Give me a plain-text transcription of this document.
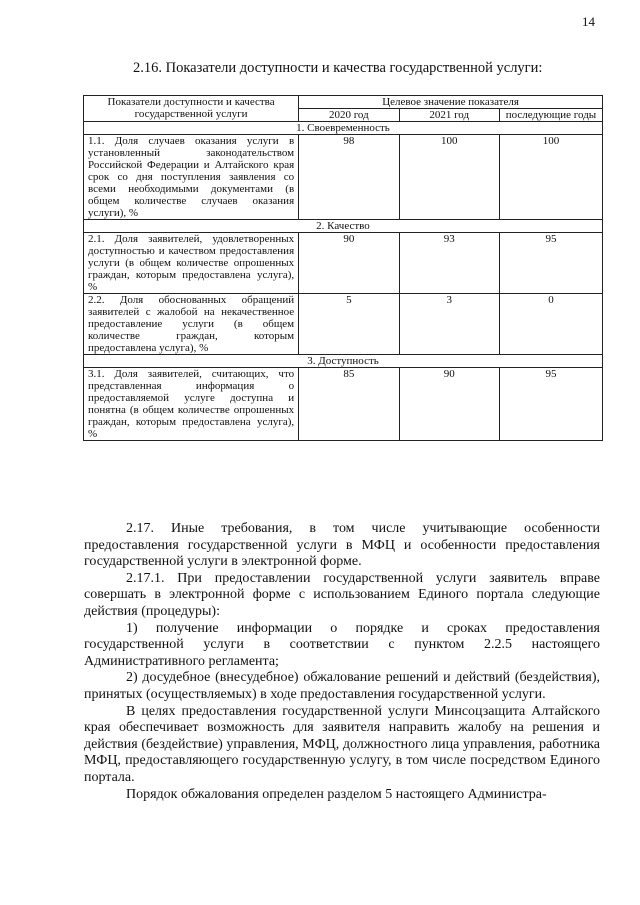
14
2.16. Показатели доступности и качества государственной услуги:
Показатели доступности и качества государственной услуги	Целевое значение показателя		
	2020 год	2021 год	последующие годы
1. Своевременность			
1.1. Доля случаев оказания услуги в установленный законодательством Российской Федерации и Алтайского края срок со дня поступления заявления со всеми необходимыми документами (в общем количестве случаев оказания услуги), %	98	100	100
2. Качество			
2.1. Доля заявителей, удовлетворенных доступностью и качеством предоставления услуги (в общем количестве опрошенных граждан, которым предоставлена услуга), %	90	93	95
2.2. Доля обоснованных обращений заявителей с жалобой на некачественное предоставление услуги (в общем количестве граждан, которым предоставлена услуга), %	5	3	0
3. Доступность			
3.1. Доля заявителей, считающих, что представленная информация о предоставляемой услуге доступна и понятна (в общем количестве опрошенных граждан, которым предоставлена услуга), %	85	90	95

2.17. Иные требования, в том числе учитывающие особенности предоставления государственной услуги в МФЦ и особенности предоставления государственной услуги в электронной форме.

2.17.1. При предоставлении государственной услуги заявитель вправе совершать в электронной форме с использованием Единого портала следующие действия (процедуры):

1) получение информации о порядке и сроках предоставления государственной услуги в соответствии с пунктом 2.2.5 настоящего Административного регламента;

2) досудебное (внесудебное) обжалование решений и действий (бездействия), принятых (осуществляемых) в ходе предоставления государственной услуги.

В целях предоставления государственной услуги Минсоцзащита Алтайского края обеспечивает возможность для заявителя направить жалобу на решения и действия (бездействие) управления, МФЦ, должностного лица управления, работника МФЦ, предоставляющего государственную услугу, в том числе посредством Единого портала.

Порядок обжалования определен разделом 5 настоящего Администра-
